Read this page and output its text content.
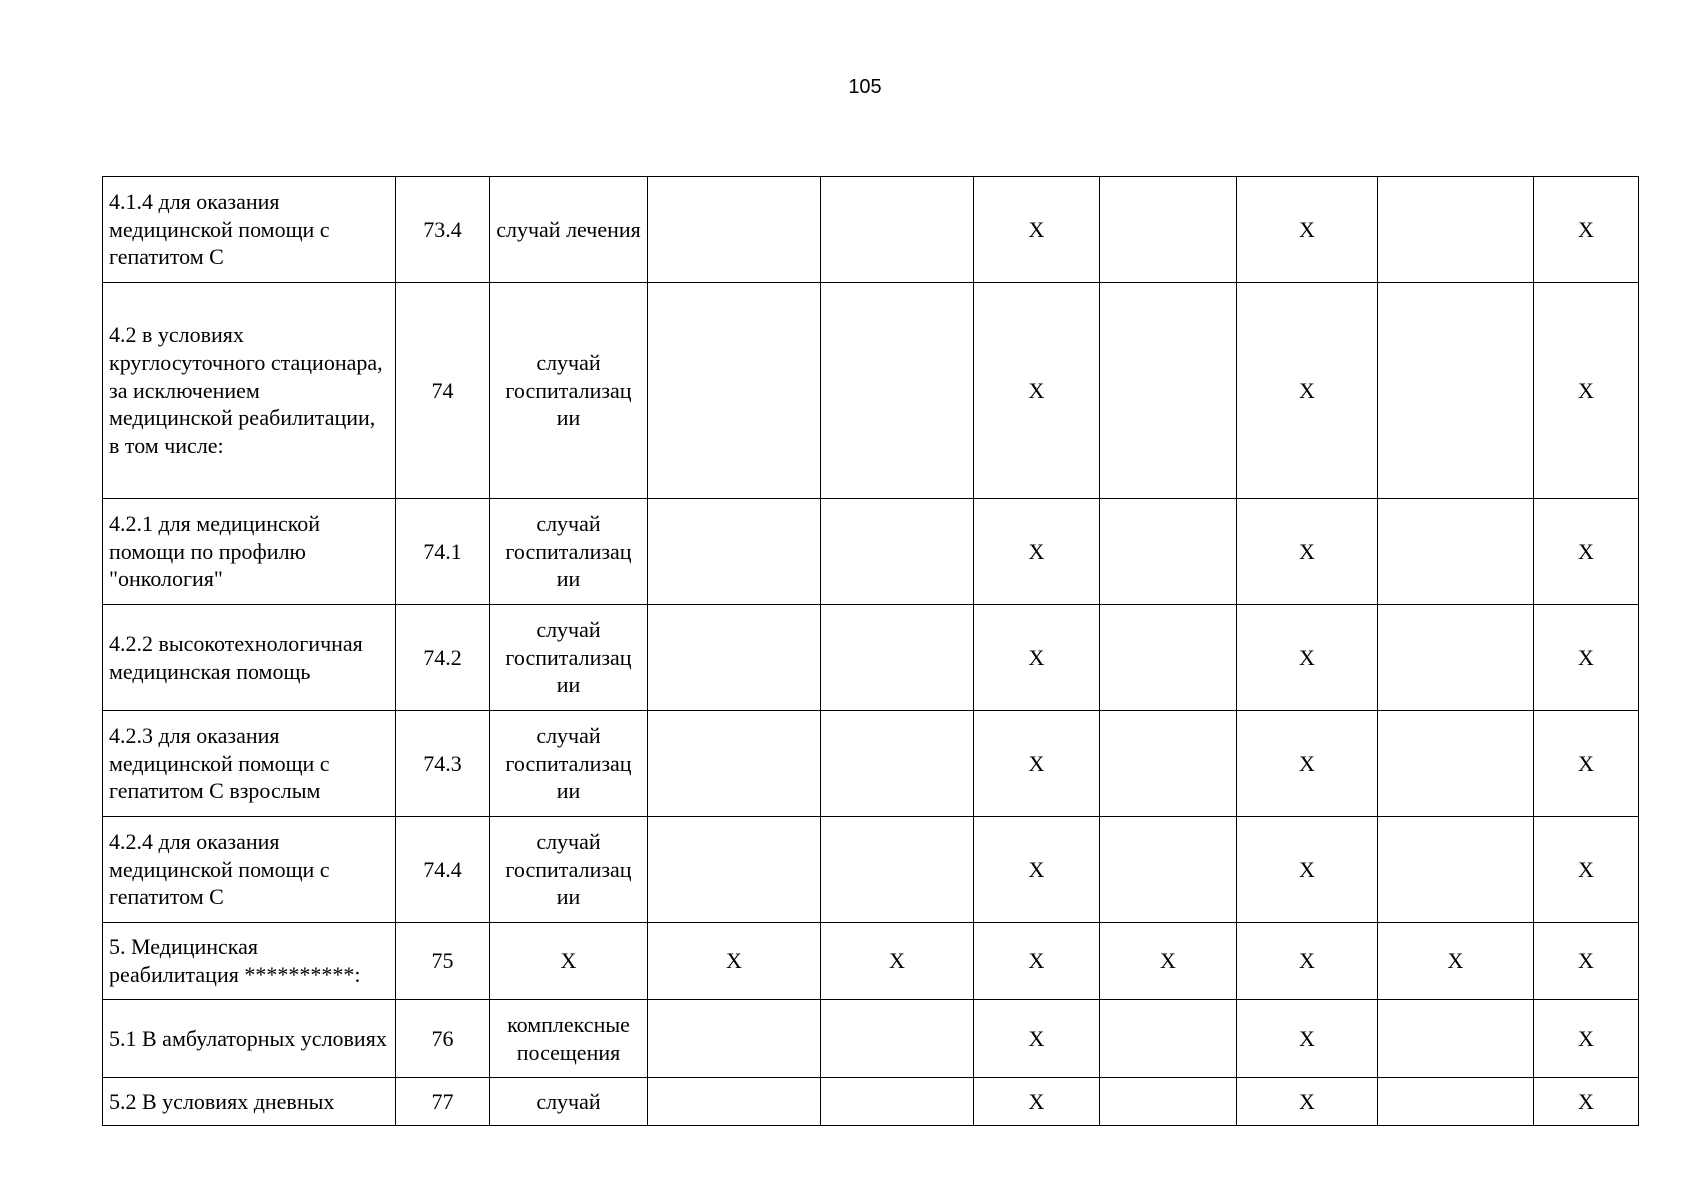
105
4.1.4 для оказания медицинской помощи с гепатитом С	73.4	случай лечения			X		X		X
4.2 в условиях круглосуточного стационара, за исключением медицинской реабилитации, в том числе:	74	случай госпитализац ии			X		X		X
4.2.1 для медицинской помощи по профилю "онкология"	74.1	случай госпитализац ии			X		X		X
4.2.2 высокотехнологичная медицинская помощь	74.2	случай госпитализац ии			X		X		X
4.2.3 для оказания медицинской помощи с гепатитом С взрослым	74.3	случай госпитализац ии			X		X		X
4.2.4 для оказания медицинской помощи с гепатитом С	74.4	случай госпитализац ии			X		X		X
5. Медицинская реабилитация **********:	75	X	X	X	X	X	X	X	X
5.1 В амбулаторных условиях	76	комплексные посещения			X		X		X
5.2 В условиях дневных	77	случай			X		X		X
